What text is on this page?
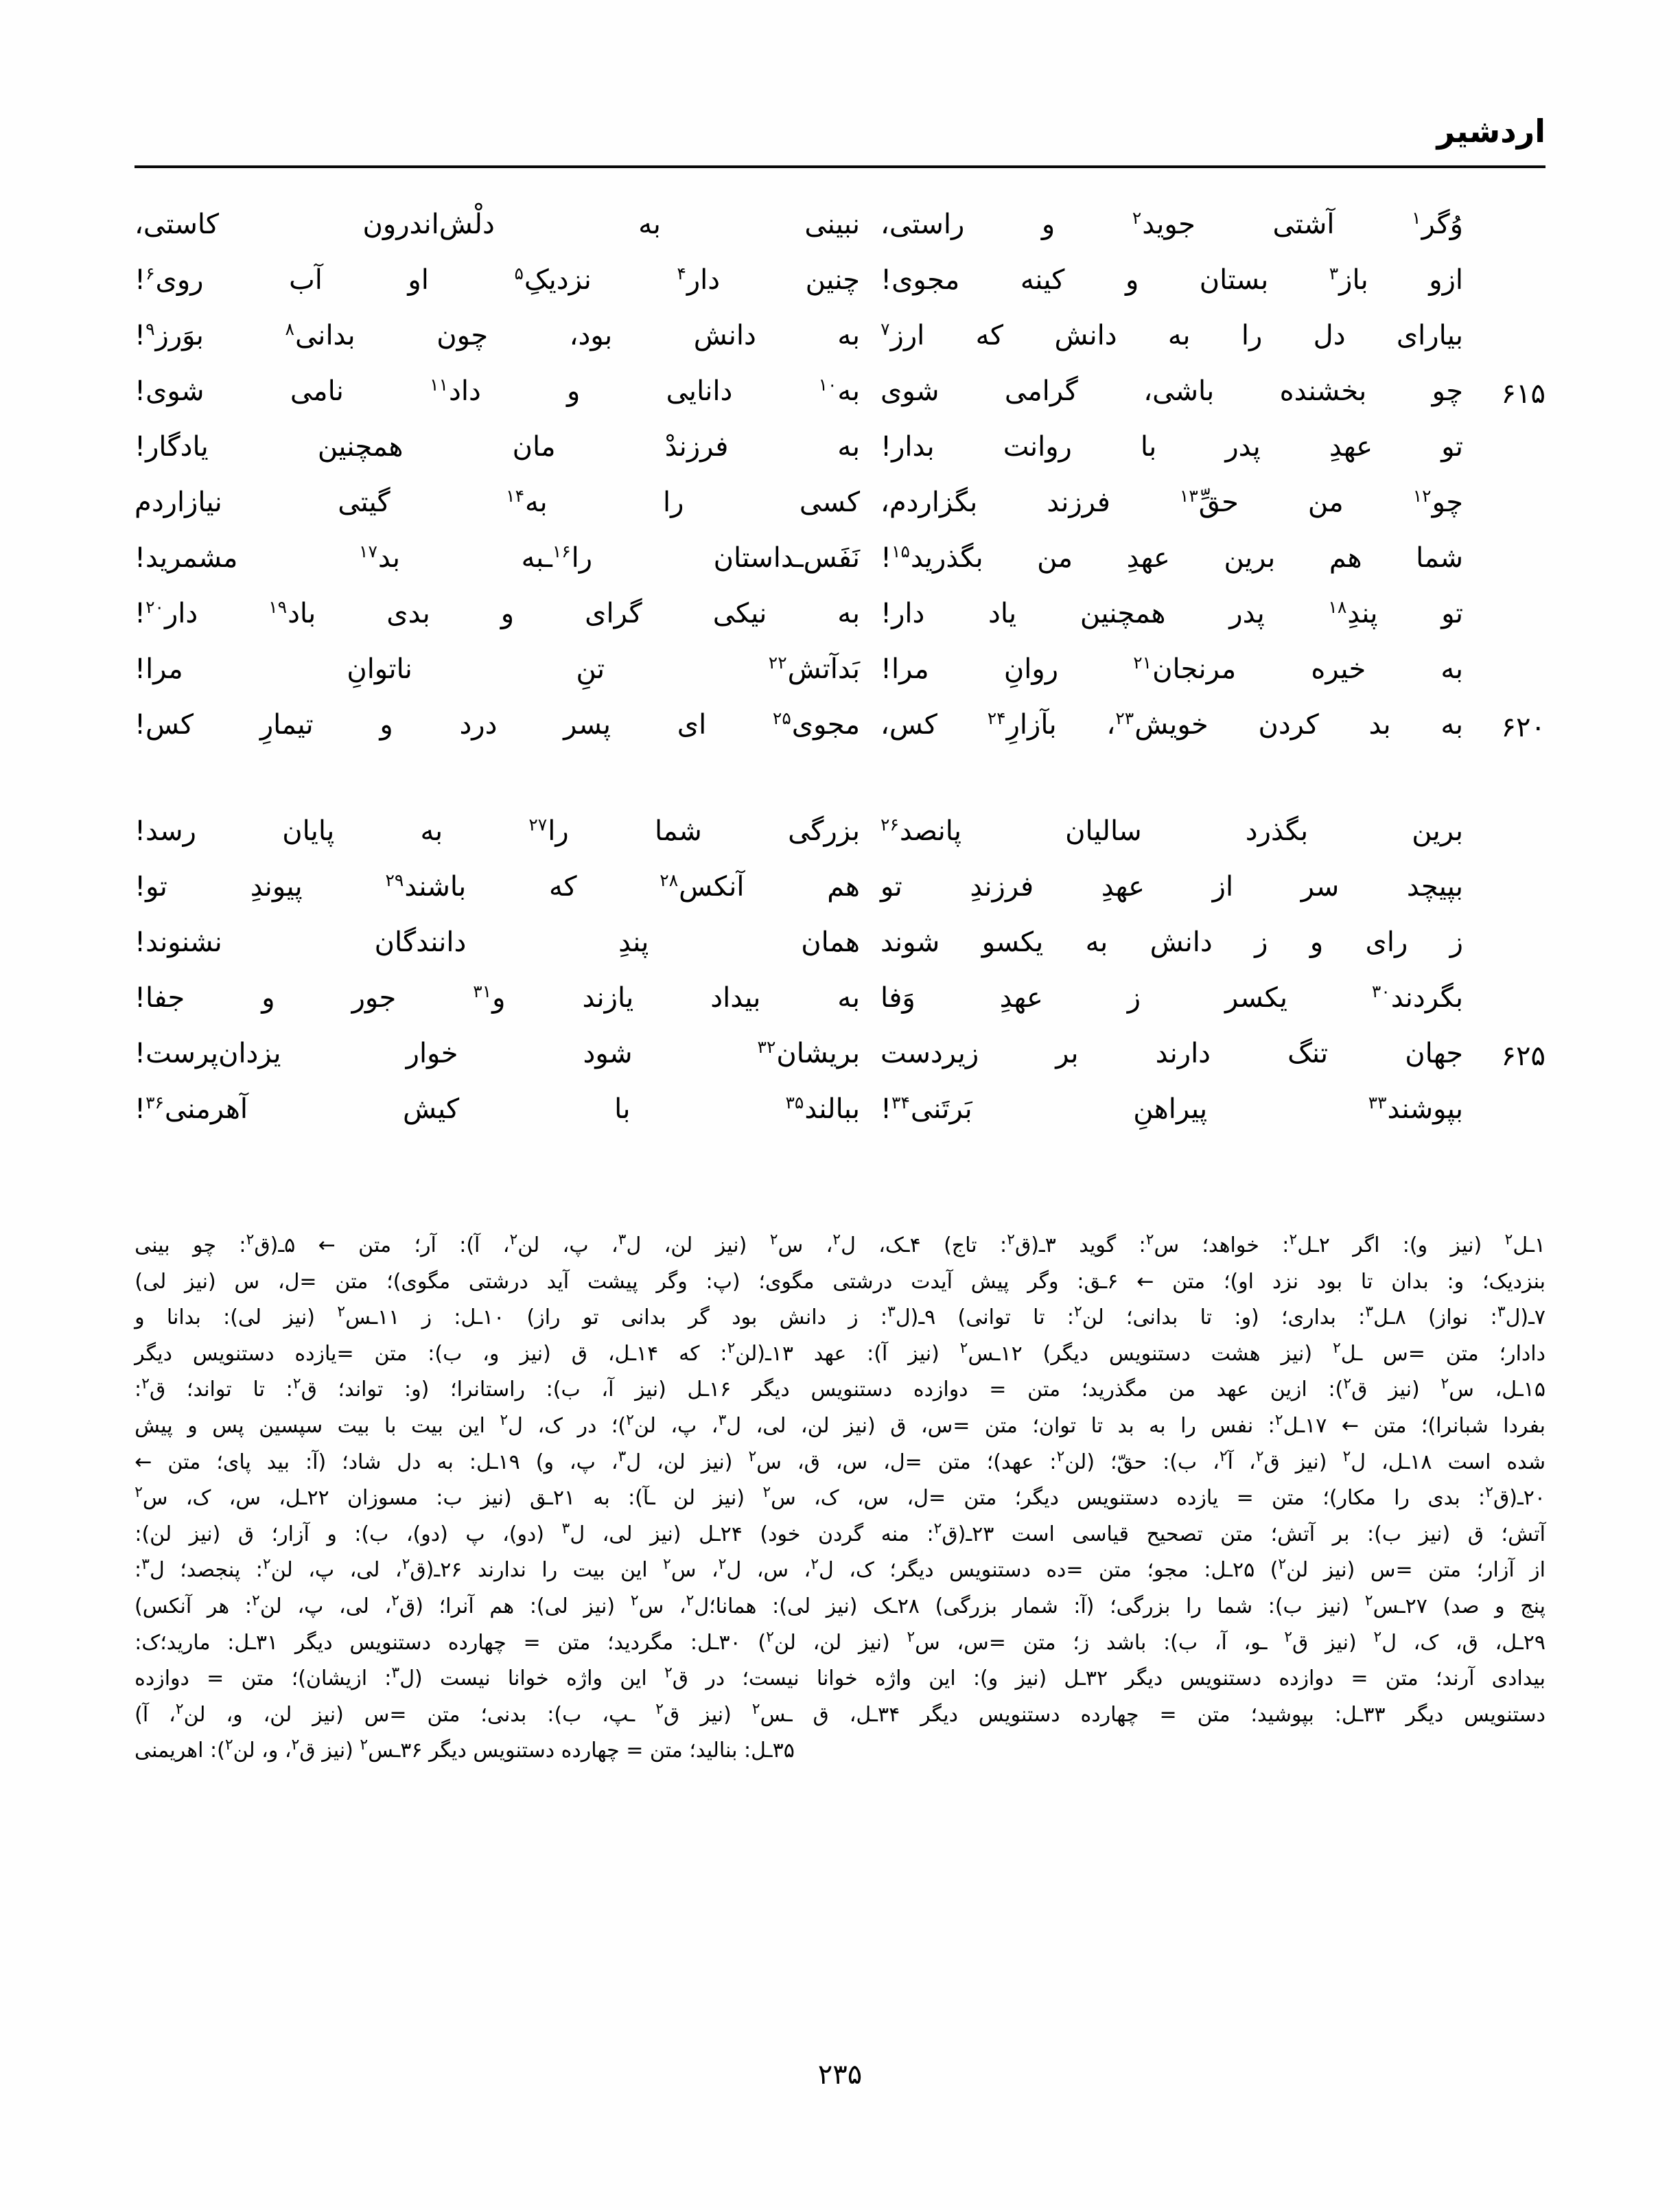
اردشیر
وُگر$^۱$
آشتی
جوید$^۲$
و
راستی،
نبینی
به
دلْش‌اندرون
کاستی،
ازو
باز$^۳$
بستان
و
کینه
مجوی!
چنین
دار$^۴$
نزدیکِ$^۵$
او
آب
روی$^۶$!
بیارای
دل
را
به
دانش
که
ارز$^۷$
به
دانش
بود،
چون
بدانی$^۸$
بوَرز$^۹$!
۶۱۵
چو
بخشنده
باشی،
گرامی
شوی
به$^{۱۰}$
دانایی
و
داد$^{۱۱}$
نامی
شوی!
تو
عهدِ
پدر
با
روانت
بدار!
به
فرزندْ
مان
همچنین
یادگار!
چو$^{۱۲}$
من
حقِّ$^{۱۳}$
فرزند
بگزاردم،
کسی
را
به$^{۱۴}$
گیتی
نیازاردم
شما
هم
برین
عهدِ
من
بگذرید$^{۱۵}$!
نَفَس‌ـداستان
را$^{۱۶}$ـبه
بد$^{۱۷}$
مشمرید!
تو
پندِ$^{۱۸}$
پدر
همچنین
یاد
دار!
به
نیکی
گرای
و
بدی
باد$^{۱۹}$
دار$^{۲۰}$!
به
خیره
مرنجان$^{۲۱}$
روانِ
مرا!
بَدآتش$^{۲۲}$
تنِ
ناتوانِ
مرا!
۶۲۰
به
بد
کردن
خویش$^{۲۳}$،
بآزارِ$^{۲۴}$
کس،
مجوی$^{۲۵}$
ای
پسر
درد
و
تیمارِ
کس!
برین
بگذرد
سالیان
پانصد$^{۲۶}$
بزرگی
شما
را$^{۲۷}$
به
پایان
رسد!
بپیچد
سر
از
عهدِ
فرزندِ
تو
هم
آنکس$^{۲۸}$
که
باشند$^{۲۹}$
پیوندِ
تو!
ز
رای
و
ز
دانش
به
یکسو
شوند
همان
پندِ
دانندگان
نشنوند!
بگردند$^{۳۰}$
یکسر
ز
عهدِ
وَفا
به
بیداد
یازند
و$^{۳۱}$
جور
و
جفا!
۶۲۵
جهان
تنگ
دارند
بر
زیردست
بریشان$^{۳۲}$
شود
خوار
یزدان‌پرست!
بپوشند$^{۳۳}$
پیراهنِ
بَرتَنی$^{۳۴}$!
ببالند$^{۳۵}$
با
کیش
آهرمنی$^{۳۶}$!
۱ـل$^۲$
(نیز
و):
اگر
۲ـل$^۲$:
خواهد؛
س$^۲$:
گوید
۳ـ(ق$^۲$:
تاج)
۴ـک،
ل$^۲$،
س$^۲$
(نیز
لن،
ل$^۳$،
پ،
لن$^۲$،
آ):
آر؛
متن
←
۵ـ(ق$^۲$:
چو
بینی
بنزدیک؛
و:
بدان
تا
بود
نزد
او)؛
متن
←
۶ـق:
وگر
پیش
آیدت
درشتی
مگوی؛
(پ:
وگر
پیشت
آید
درشتی
مگوی)؛
متن
=ل،
س
(نیز
لی)
۷ـ(ل$^۳$:
نواز)
۸ـل$^۳$:
بداری؛
(و:
تا
بدانی؛
لن$^۲$:
تا
توانی)
۹ـ(ل$^۳$:
ز
دانش
بود
گر
بدانی
تو
راز)
۱۰ـل:
ز
۱۱ـس$^۲$
(نیز
لی):
بدانا
و
دادار؛
متن
=س
ـل$^۲$
(نیز
هشت
دستنویس
دیگر)
۱۲ـس$^۲$
(نیز
آ):
عهد
۱۳ـ(لن$^۲$:
که
۱۴ـل،
ق
(نیز
و،
ب):
متن
=یازده
دستنویس
دیگر
۱۵ـل،
س$^۲$
(نیز
ق$^۲$):
ازین
عهد
من
مگذرید؛
متن
=
دوازده
دستنویس
دیگر
۱۶ـل
(نیز
آ،
ب):
راستانرا؛
(و:
تواند؛
ق$^۲$:
تا
تواند؛
ق$^۲$:
بفردا
شبانرا)؛
متن
←
۱۷ـل$^۲$:
نفس
را
به
بد
تا
توان؛
متن
=س،
ق
(نیز
لن،
لی،
ل$^۳$،
پ،
لن$^۲$)؛
در
ک،
ل$^۲$
این
بیت
با
بیت
سپسین
پس
و
پیش
شده
است
۱۸ـل،
ل$^۲$
(نیز
ق$^۲$،
آ$^۲$،
ب):
حقّ؛
(لن$^۲$:
عهد)؛
متن
=ل،
س،
ق،
س$^۲$
(نیز
لن،
ل$^۳$،
پ،
و)
۱۹ـل:
به
دل
شاد؛
(آ:
بید
پای؛
متن
←
۲۰ـ(ق$^۲$:
بدی
را
مکار)؛
متن
=
یازده
دستنویس
دیگر؛
متن
=ل،
س،
ک،
س$^۲$
(نیز
لن
ـآ):
به
۲۱ـق
(نیز
ب:
مسوزان
۲۲ـل،
س،
ک،
س$^۲$
آتش؛
ق
(نیز
ب):
بر
آتش؛
متن
تصحیح
قیاسی
است
۲۳ـ(ق$^۲$:
منه
گردن
خود)
۲۴ـل
(نیز
لی،
ل$^۳$
(دو)،
پ
(دو)،
ب):
و
آزار؛
ق
(نیز
لن):
از
آزار؛
متن
=س
(نیز
لن$^۲$)
۲۵ـل:
مجو؛
متن
=ده
دستنویس
دیگر؛
ک،
ل$^۲$،
س،
ل$^۲$،
س$^۲$
این
بیت
را
ندارند
۲۶ـ(ق$^۲$،
لی،
پ،
لن$^۲$:
پنجصد؛
ل$^۳$:
پنج
و
صد)
۲۷ـس$^۲$
(نیز
ب):
شما
را
بزرگی؛
(آ:
شمار
بزرگی)
۲۸ـک
(نیز
لی):
همانا؛ل$^۲$،
س$^۲$
(نیز
لی):
هم
آنرا؛
(ق$^۲$،
لی،
پ،
لن$^۲$:
هر
آنکس)
۲۹ـل،
ق،
ک،
ل$^۲$
(نیز
ق$^۲$
ـو،
آ،
ب):
باشد
ز؛
متن
=س،
س$^۲$
(نیز
لن،
لن$^۲$)
۳۰ـل:
مگردید؛
متن
=
چهارده
دستنویس
دیگر
۳۱ـل:
مارید؛ک:
بیدادی
آرند؛
متن
=
دوازده
دستنویس
دیگر
۳۲ـل
(نیز
و):
این
واژه
خوانا
نیست؛
در
ق$^۲$
این
واژه
خوانا
نیست
(ل$^۳$:
ازیشان)؛
متن
=
دوازده
دستنویس
دیگر
۳۳ـل:
بپوشید؛
متن
=
چهارده
دستنویس
دیگر
۳۴ـل،
ق
ـس$^۲$
(نیز
ق$^۲$
ـپ،
ب):
بدنی؛
متن
=س
(نیز
لن،
و،
لن$^۲$،
آ)
۳۵ـل: بنالید؛ متن = چهارده دستنویس دیگر ۳۶ـس$^۲$ (نیز ق$^۲$، و، لن$^۲$): اهریمنی
۲۳۵
